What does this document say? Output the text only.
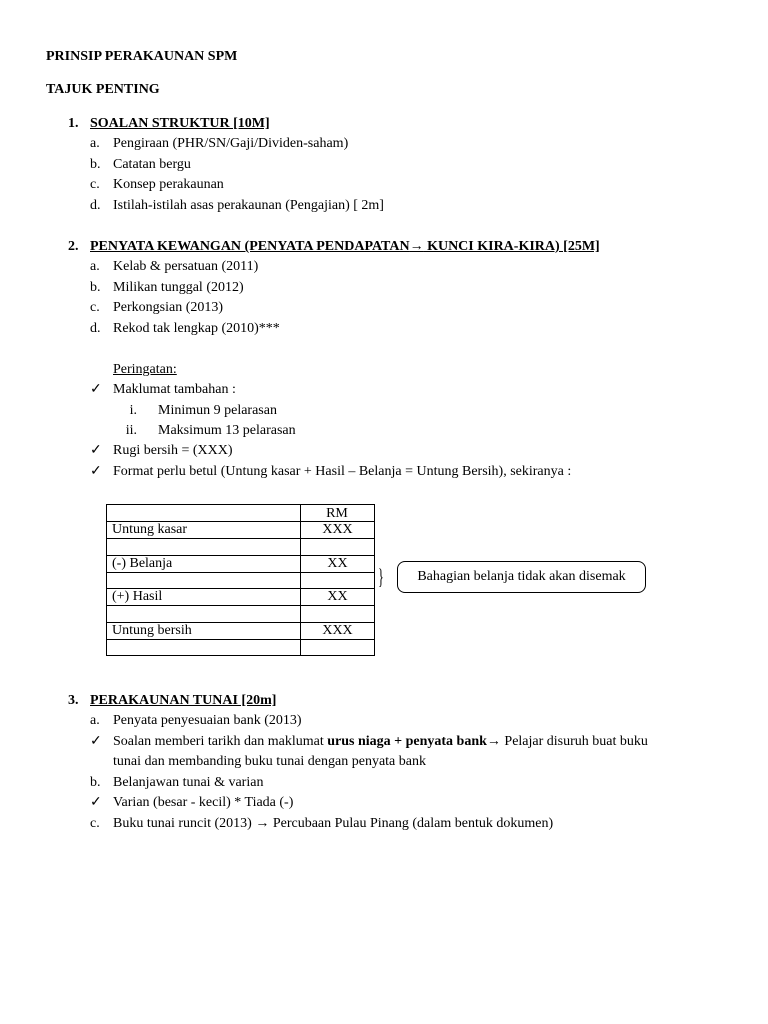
PRINSIP PERAKAUNAN SPM
TAJUK PENTING
1. SOALAN STRUKTUR [10M]
a. Pengiraan (PHR/SN/Gaji/Dividen-saham)
b. Catatan bergu
c. Konsep perakaunan
d. Istilah-istilah asas perakaunan (Pengajian) [ 2m]
2. PENYATA KEWANGAN (PENYATA PENDAPATAN→ KUNCI KIRA-KIRA) [25M]
a. Kelab & persatuan (2011)
b. Milikan tunggal (2012)
c. Perkongsian (2013)
d. Rekod tak lengkap (2010)***
Peringatan:
✓ Maklumat tambahan :
i. Minimun 9 pelarasan
ii. Maksimum 13 pelarasan
✓ Rugi bersih = (XXX)
✓ Format perlu betul (Untung kasar + Hasil – Belanja = Untung Bersih), sekiranya :
RM

Untung kasar	XXX

(-) Belanja	XX

(+) Hasil	XX

Untung bersih	XXX

}	Bahagian belanja tidak akan disemak
3. PERAKAUNAN TUNAI [20m]
a. Penyata penyesuaian bank (2013)
✓ Soalan memberi tarikh dan maklumat urus niaga + penyata bank→ Pelajar disuruh buat buku
tunai dan membanding buku tunai dengan penyata bank
b. Belanjawan tunai & varian
✓ Varian (besar - kecil) * Tiada (-)
c. Buku tunai runcit (2013) → Percubaan Pulau Pinang (dalam bentuk dokumen)
